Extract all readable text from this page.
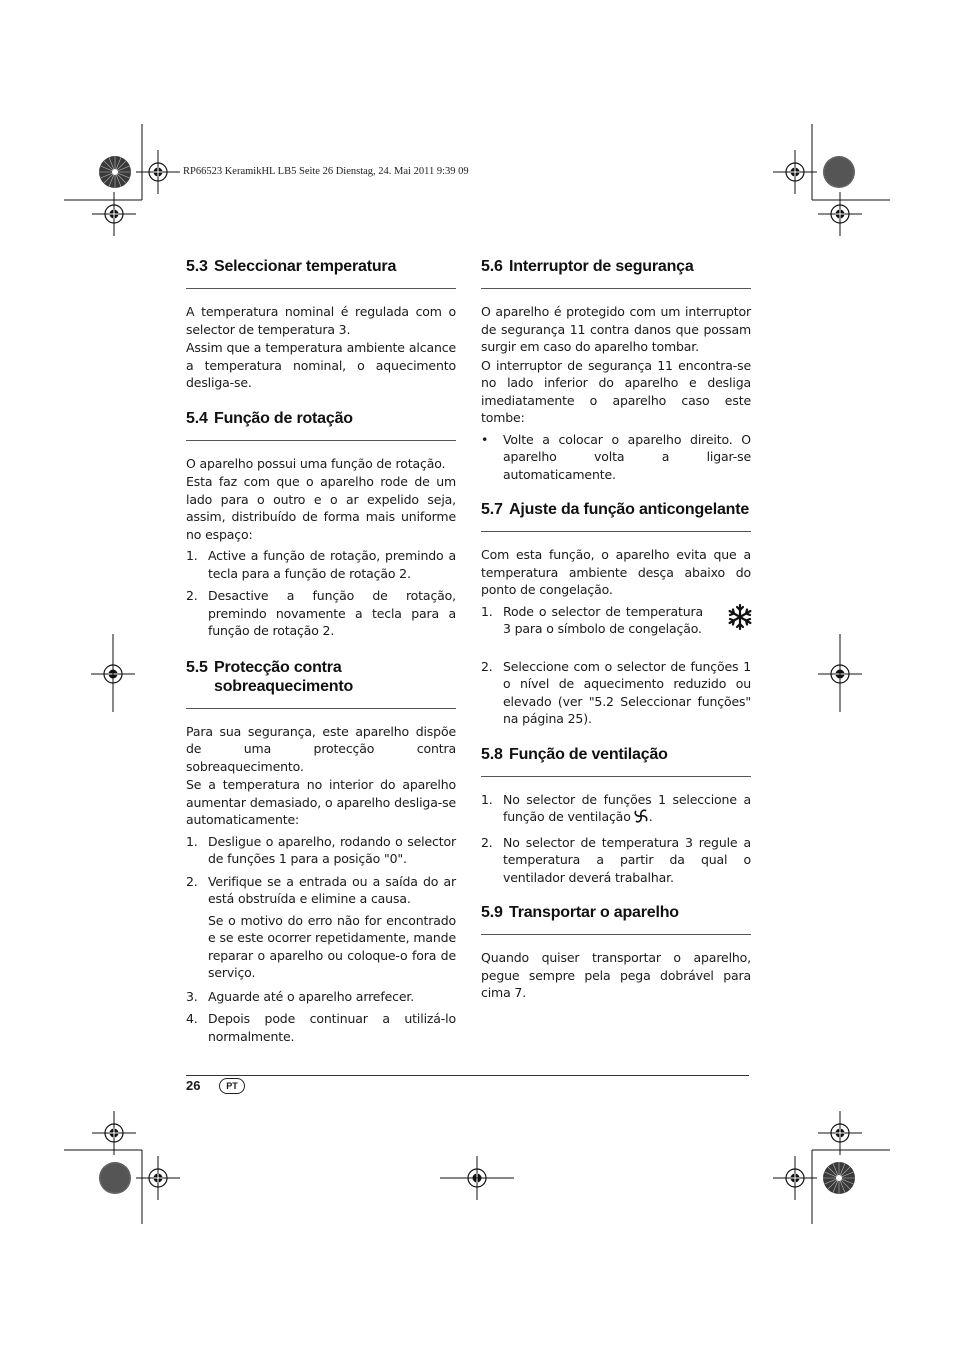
RP66523 KeramikHL LB5 Seite 26 Dienstag, 24. Mai 2011 9:39 09
5.3 Seleccionar temperatura

A temperatura nominal é regulada com o selector de temperatura 3.

Assim que a temperatura ambiente alcance a temperatura nominal, o aquecimento desliga-se.

5.4 Função de rotação

O aparelho possui uma função de rotação.

Esta faz com que o aparelho rode de um lado para o outro e o ar expelido seja, assim, distribuído de forma mais uniforme no espaço:

1. Active a função de rotação, premindo a tecla para a função de rotação 2.
2. Desactive a função de rotação, premindo novamente a tecla para a função de rotação 2.
5.5 Protecção contra
sobreaquecimento

Para sua segurança, este aparelho dispõe de uma protecção contra sobreaquecimento.

Se a temperatura no interior do aparelho aumentar demasiado, o aparelho desliga-se automaticamente:

1. Desligue o aparelho, rodando o selector de funções 1 para a posição "0".
2. Verifique se a entrada ou a saída do ar está obstruída e elimine a causa.

Se o motivo do erro não for encontrado e se este ocorrer repetidamente, mande reparar o aparelho ou coloque-o fora de serviço.

3. Aguarde até o aparelho arrefecer.
4. Depois pode continuar a utilizá-lo normalmente.
5.6 Interruptor de segurança

O aparelho é protegido com um interruptor de segurança 11 contra danos que possam surgir em caso do aparelho tombar.

O interruptor de segurança 11 encontra-se no lado inferior do aparelho e desliga imediatamente o aparelho caso este tombe:

• Volte a colocar o aparelho direito. O aparelho volta a ligar-se automaticamente.
5.7 Ajuste da função anticongelante

Com esta função, o aparelho evita que a temperatura ambiente desça abaixo do ponto de congelação.

1. Rode o selector de temperatura 3 para o símbolo de congelação.
2. Seleccione com o selector de funções 1 o nível de aquecimento reduzido ou elevado (ver "5.2 Seleccionar funções" na página 25).
5.8 Função de ventilação
1. No selector de funções 1 seleccione a função de ventilação .
2. No selector de temperatura 3 regule a temperatura a partir da qual o ventilador deverá trabalhar.
5.9 Transportar o aparelho

Quando quiser transportar o aparelho, pegue sempre pela pega dobrável para cima 7.

26	PT
